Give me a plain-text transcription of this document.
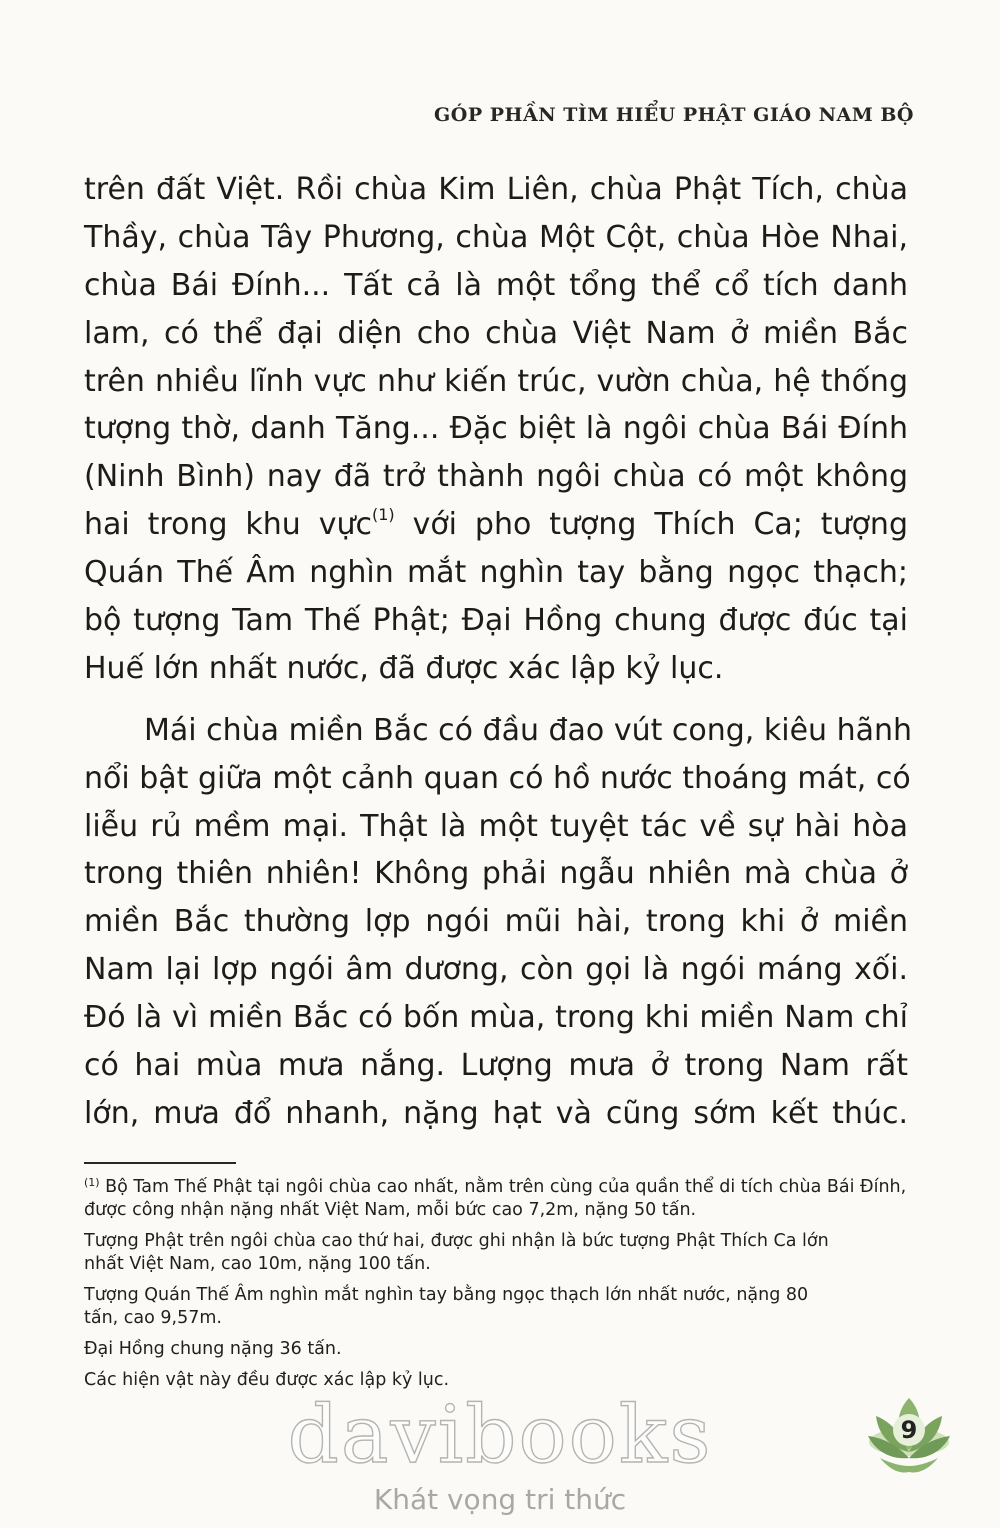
GÓP PHẦN TÌM HIỂU PHẬT GIÁO NAM BỘ
trên đất Việt. Rồi chùa Kim Liên, chùa Phật Tích, chùa
Thầy, chùa Tây Phương, chùa Một Cột, chùa Hòe Nhai,
chùa Bái Đính... Tất cả là một tổng thể cổ tích danh
lam, có thể đại diện cho chùa Việt Nam ở miền Bắc
trên nhiều lĩnh vực như kiến trúc, vườn chùa, hệ thống
tượng thờ, danh Tăng... Đặc biệt là ngôi chùa Bái Đính
(Ninh Bình) nay đã trở thành ngôi chùa có một không
hai trong khu vực$^{(1)}$ với pho tượng Thích Ca; tượng
Quán Thế Âm nghìn mắt nghìn tay bằng ngọc thạch;
bộ tượng Tam Thế Phật; Đại Hồng chung được đúc tại
Huế lớn nhất nước, đã được xác lập kỷ lục.
Mái chùa miền Bắc có đầu đao vút cong, kiêu hãnh
nổi bật giữa một cảnh quan có hồ nước thoáng mát, có
liễu rủ mềm mại. Thật là một tuyệt tác về sự hài hòa
trong thiên nhiên! Không phải ngẫu nhiên mà chùa ở
miền Bắc thường lợp ngói mũi hài, trong khi ở miền
Nam lại lợp ngói âm dương, còn gọi là ngói máng xối.
Đó là vì miền Bắc có bốn mùa, trong khi miền Nam chỉ
có hai mùa mưa nắng. Lượng mưa ở trong Nam rất
lớn, mưa đổ nhanh, nặng hạt và cũng sớm kết thúc.
$^{(1)}$ Bộ Tam Thế Phật tại ngôi chùa cao nhất, nằm trên cùng của quần thể di tích chùa Bái Đính,
được công nhận nặng nhất Việt Nam, mỗi bức cao 7,2m, nặng 50 tấn.
Tượng Phật trên ngôi chùa cao thứ hai, được ghi nhận là bức tượng Phật Thích Ca lớn
nhất Việt Nam, cao 10m, nặng 100 tấn.
Tượng Quán Thế Âm nghìn mắt nghìn tay bằng ngọc thạch lớn nhất nước, nặng 80
tấn, cao 9,57m.
Đại Hồng chung nặng 36 tấn.
Các hiện vật này đều được xác lập kỷ lục.
davibooks
Khát vọng tri thức
9
